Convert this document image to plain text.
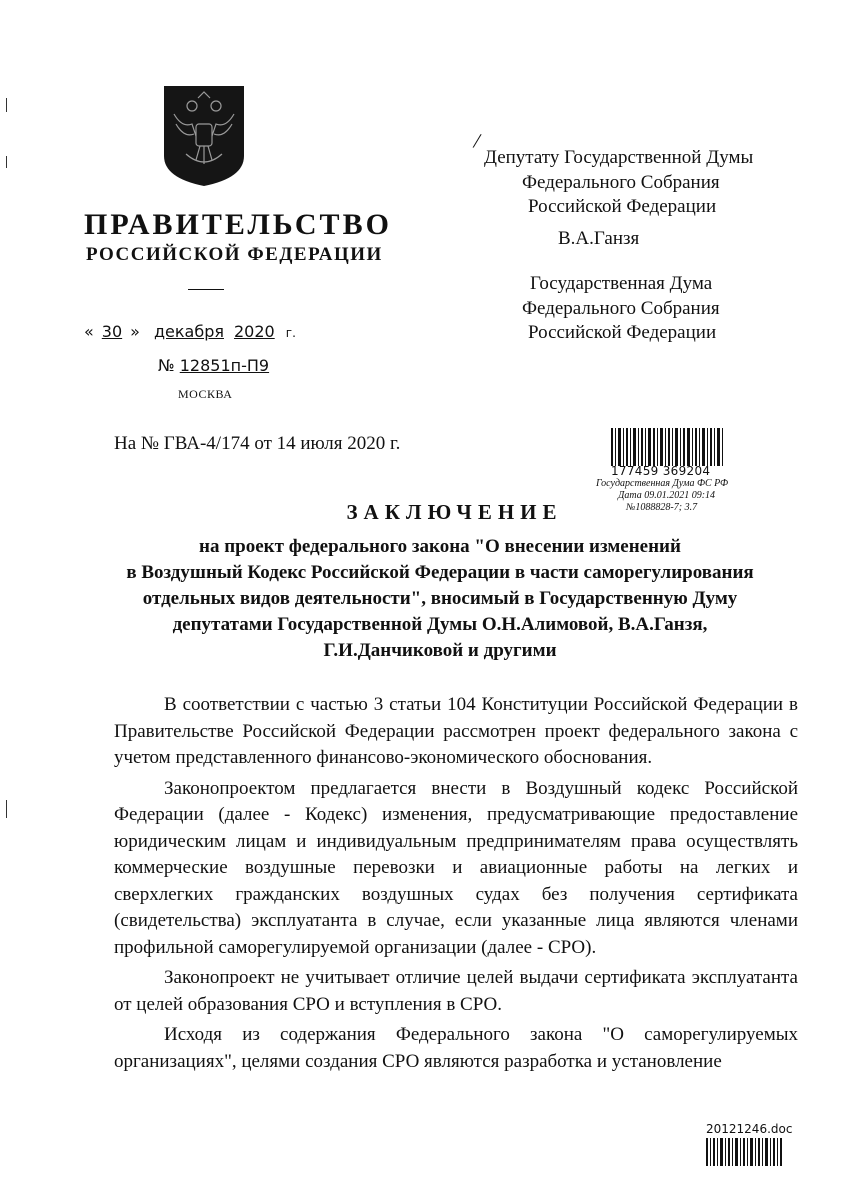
ПРАВИТЕЛЬСТВО
РОССИЙСКОЙ ФЕДЕРАЦИИ
« 30 » декабря 2020 г.
№ 12851п-П9
МОСКВА
/
Депутату Государственной Думы
Федерального Собрания
Российской Федерации
В.А.Ганзя
Государственная Дума
Федерального Собрания
Российской Федерации
На № ГВА-4/174 от 14 июля 2020 г.
177459 369204
Государственная Дума ФС РФ
Дата 09.01.2021 09:14
№1088828-7; 3.7
ЗАКЛЮЧЕНИЕ
на проект федерального закона "О внесении изменений
в Воздушный Кодекс Российской Федерации в части саморегулирования
отдельных видов деятельности", вносимый в Государственную Думу
депутатами Государственной Думы О.Н.Алимовой, В.А.Ганзя,
Г.И.Данчиковой и другими

В соответствии с частью 3 статьи 104 Конституции Российской Федерации в Правительстве Российской Федерации рассмотрен проект федерального закона с учетом представленного финансово-экономического обоснования.

Законопроектом предлагается внести в Воздушный кодекс Российской Федерации (далее - Кодекс) изменения, предусматривающие предоставление юридическим лицам и индивидуальным предпринимателям права осуществлять коммерческие воздушные перевозки и авиационные работы на легких и сверхлегких гражданских воздушных судах без получения сертификата (свидетельства) эксплуатанта в случае, если указанные лица являются членами профильной саморегулируемой организации (далее - СРО).

Законопроект не учитывает отличие целей выдачи сертификата эксплуатанта от целей образования СРО и вступления в СРО.

Исходя из содержания Федерального закона "О саморегулируемых организациях", целями создания СРО являются разработка и установление

20121246.doc
